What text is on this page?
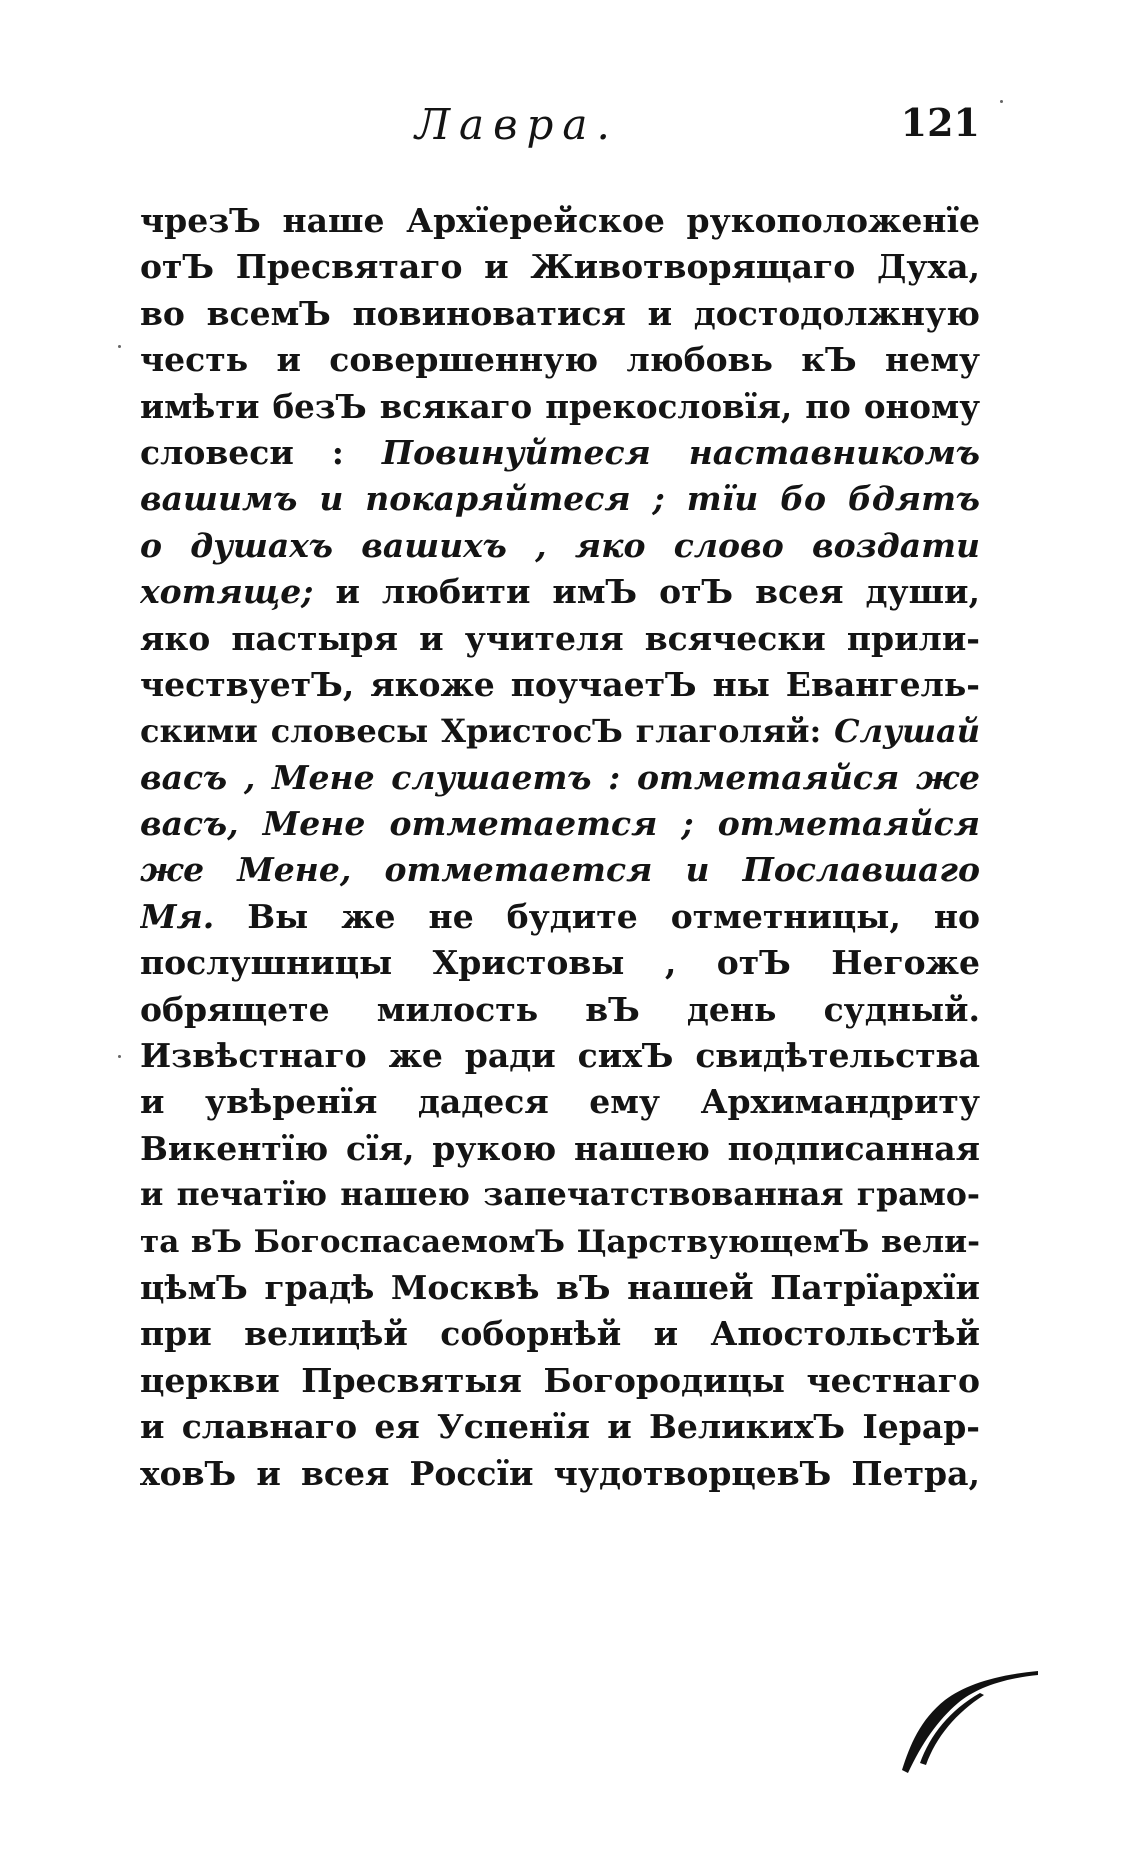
Лавра.	121
чрезЪ наше Архїерейское рукоположенїе
отЪ Пресвятаго и Животворящаго Духа,
во всемЪ повиноватися и достодолжную
честь и совершенную любовь кЪ нему
имѣти безЪ всякаго прекословїя, по оному
словеси : Повинуйтеся наставникомъ
вашимъ и покаряйтеся ; тїи бо бдятъ
о душахъ вашихъ , яко слово воздати
хотяще; и любити имЪ отЪ всея души,
яко пастыря и учителя всячески прили-
чествуетЪ, якоже поучаетЪ ны Евангель-
скими словесы ХристосЪ глаголяй: Слушай
васъ , Мене слушаетъ : отметаяйся же
васъ, Мене отметается ; отметаяйся
же Мене, отметается и Пославшаго
Мя. Вы же не будите отметницы, но
послушницы Христовы , отЪ Негоже
обрящете милость вЪ день судный.
Извѣстнаго же ради сихЪ свидѣтельства
и увѣренїя дадеся ему Архимандриту
Викентїю сїя, рукою нашею подписанная
и печатїю нашею запечатствованная грамо-
та вЪ БогоспасаемомЪ ЦарствующемЪ вели-
цѣмЪ градѣ Москвѣ вЪ нашей Патрїархїи
при велицѣй соборнѣй и Апостольстѣй
церкви Пресвятыя Богородицы честнаго
и славнаго ея Успенїя и ВеликихЪ Іерар-
ховЪ и всея Россїи чудотворцевЪ Петра,
